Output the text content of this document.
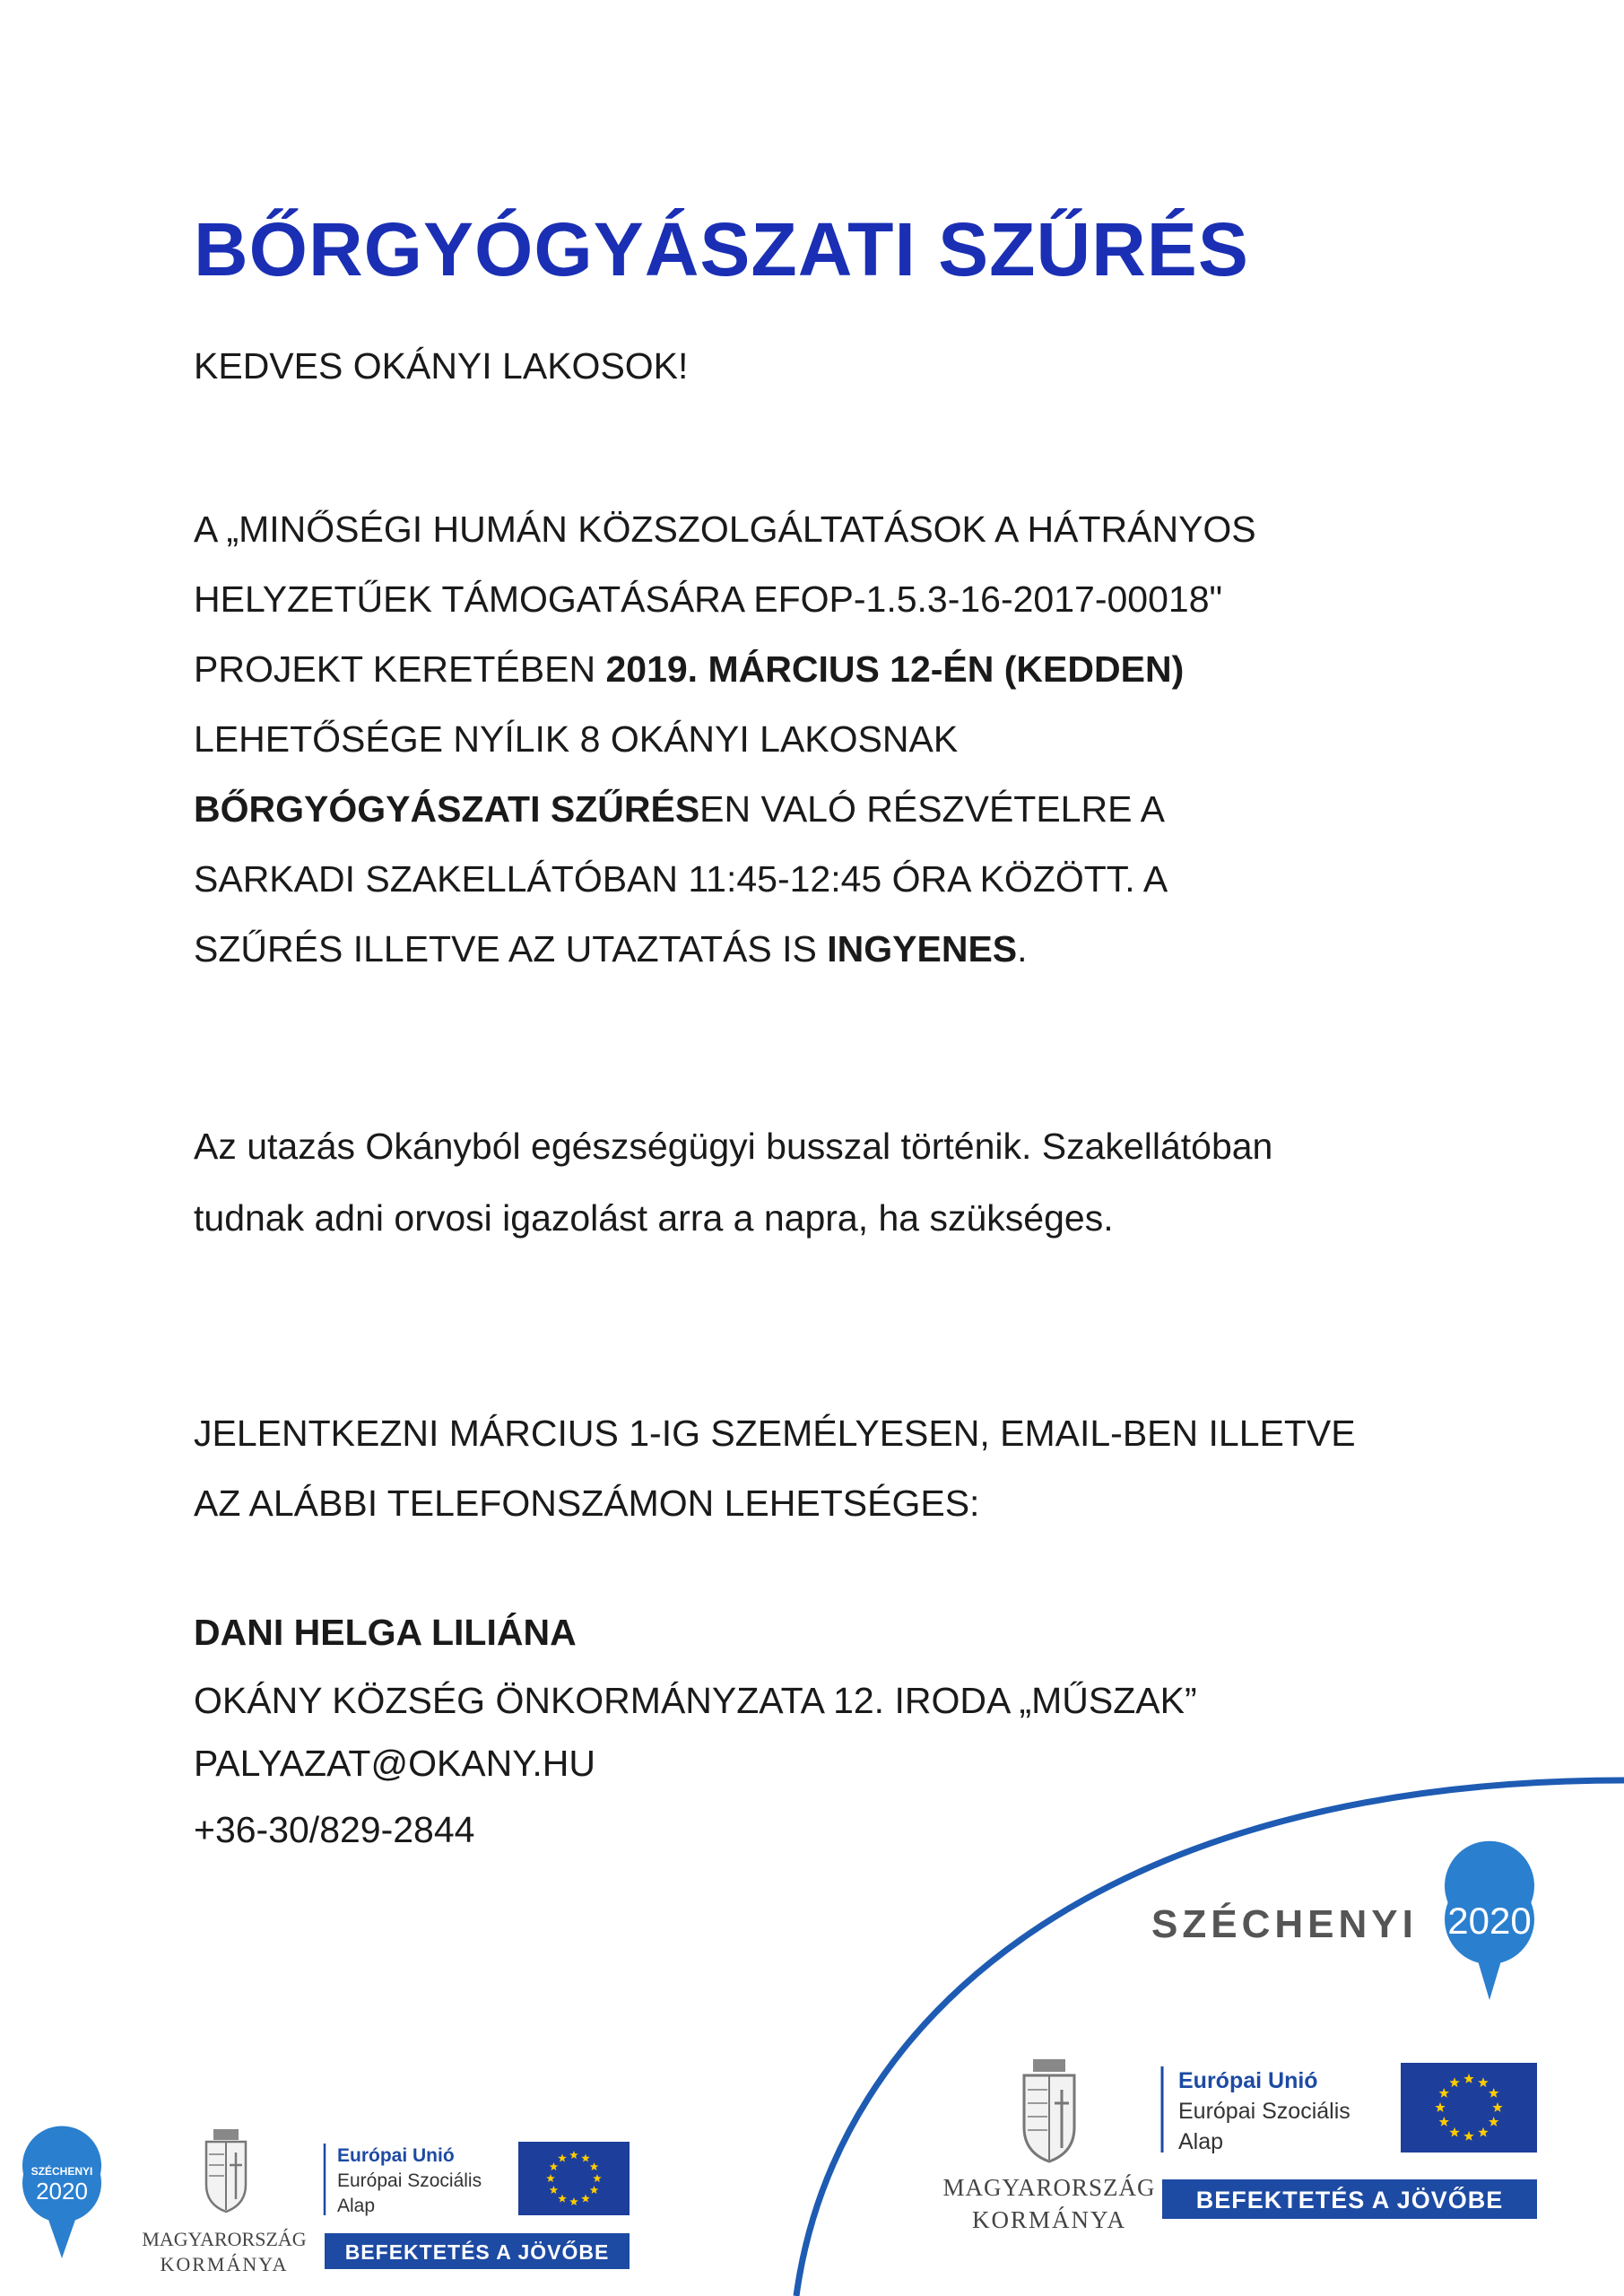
BŐRGYÓGYÁSZATI SZŰRÉS

KEDVES OKÁNYI LAKOSOK!

A „MINŐSÉGI HUMÁN KÖZSZOLGÁLTATÁSOK A HÁTRÁNYOS

HELYZETŰEK TÁMOGATÁSÁRA EFOP-1.5.3-16-2017-00018"

PROJEKT KERETÉBEN 2019. MÁRCIUS 12-ÉN (KEDDEN)

LEHETŐSÉGE NYÍLIK 8 OKÁNYI LAKOSNAK

BŐRGYÓGYÁSZATI SZŰRÉSEN VALÓ RÉSZVÉTELRE A

SARKADI SZAKELLÁTÓBAN 11:45-12:45 ÓRA KÖZÖTT. A

SZŰRÉS ILLETVE AZ UTAZTATÁS IS INGYENES.

Az utazás Okányból egészségügyi busszal történik. Szakellátóban

tudnak adni orvosi igazolást arra a napra, ha szükséges.

JELENTKEZNI MÁRCIUS 1-IG SZEMÉLYESEN, EMAIL-BEN ILLETVE

AZ ALÁBBI TELEFONSZÁMON LEHETSÉGES:

DANI HELGA LILIÁNA

OKÁNY KÖZSÉG ÖNKORMÁNYZATA 12. IRODA „MŰSZAK”

PALYAZAT@OKANY.HU

+36-30/829-2844

SZÉCHENYI 2020
MAGYARORSZÁG
KORMÁNYA
Európai Unió
Európai Szociális
Alap
BEFEKTETÉS A JÖVŐBE
SZÉCHENYI
2020
MAGYARORSZÁG
KORMÁNYA
Európai Unió
Európai Szociális
Alap
BEFEKTETÉS A JÖVŐBE
